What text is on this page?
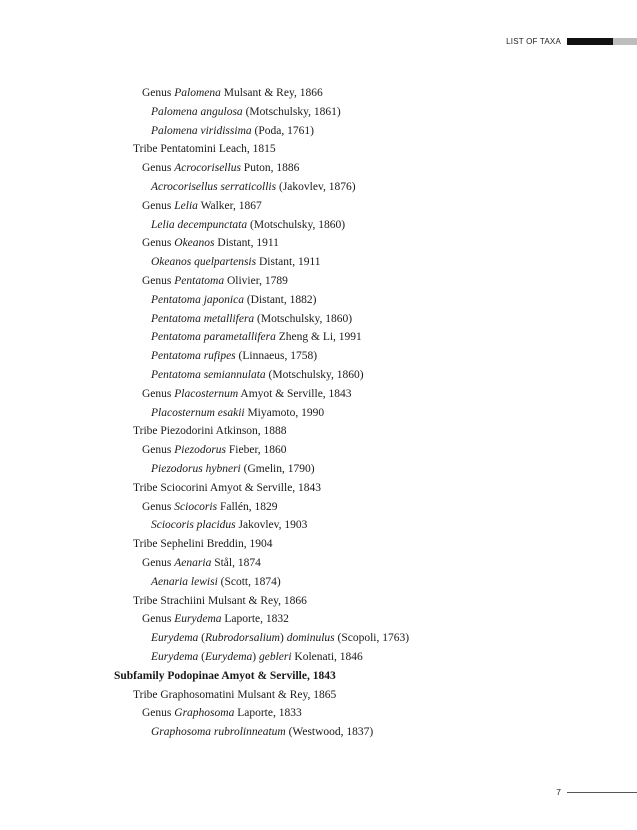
LIST OF TAXA
Genus Palomena Mulsant & Rey, 1866
Palomena angulosa (Motschulsky, 1861)
Palomena viridissima (Poda, 1761)
Tribe Pentatomini Leach, 1815
Genus Acrocorisellus Puton, 1886
Acrocorisellus serraticollis (Jakovlev, 1876)
Genus Lelia Walker, 1867
Lelia decempunctata (Motschulsky, 1860)
Genus Okeanos Distant, 1911
Okeanos quelpartensis Distant, 1911
Genus Pentatoma Olivier, 1789
Pentatoma japonica (Distant, 1882)
Pentatoma metallifera (Motschulsky, 1860)
Pentatoma parametallifera Zheng & Li, 1991
Pentatoma rufipes (Linnaeus, 1758)
Pentatoma semiannulata (Motschulsky, 1860)
Genus Placosternum Amyot & Serville, 1843
Placosternum esakii Miyamoto, 1990
Tribe Piezodorini Atkinson, 1888
Genus Piezodorus Fieber, 1860
Piezodorus hybneri (Gmelin, 1790)
Tribe Sciocorini Amyot & Serville, 1843
Genus Sciocoris Fallén, 1829
Sciocoris placidus Jakovlev, 1903
Tribe Sephelini Breddin, 1904
Genus Aenaria Stål, 1874
Aenaria lewisi (Scott, 1874)
Tribe Strachiini Mulsant & Rey, 1866
Genus Eurydema Laporte, 1832
Eurydema (Rubrodorsalium) dominulus (Scopoli, 1763)
Eurydema (Eurydema) gebleri Kolenati, 1846
Subfamily Podopinae Amyot & Serville, 1843
Tribe Graphosomatini Mulsant & Rey, 1865
Genus Graphosoma Laporte, 1833
Graphosoma rubrolinneatum (Westwood, 1837)
7
